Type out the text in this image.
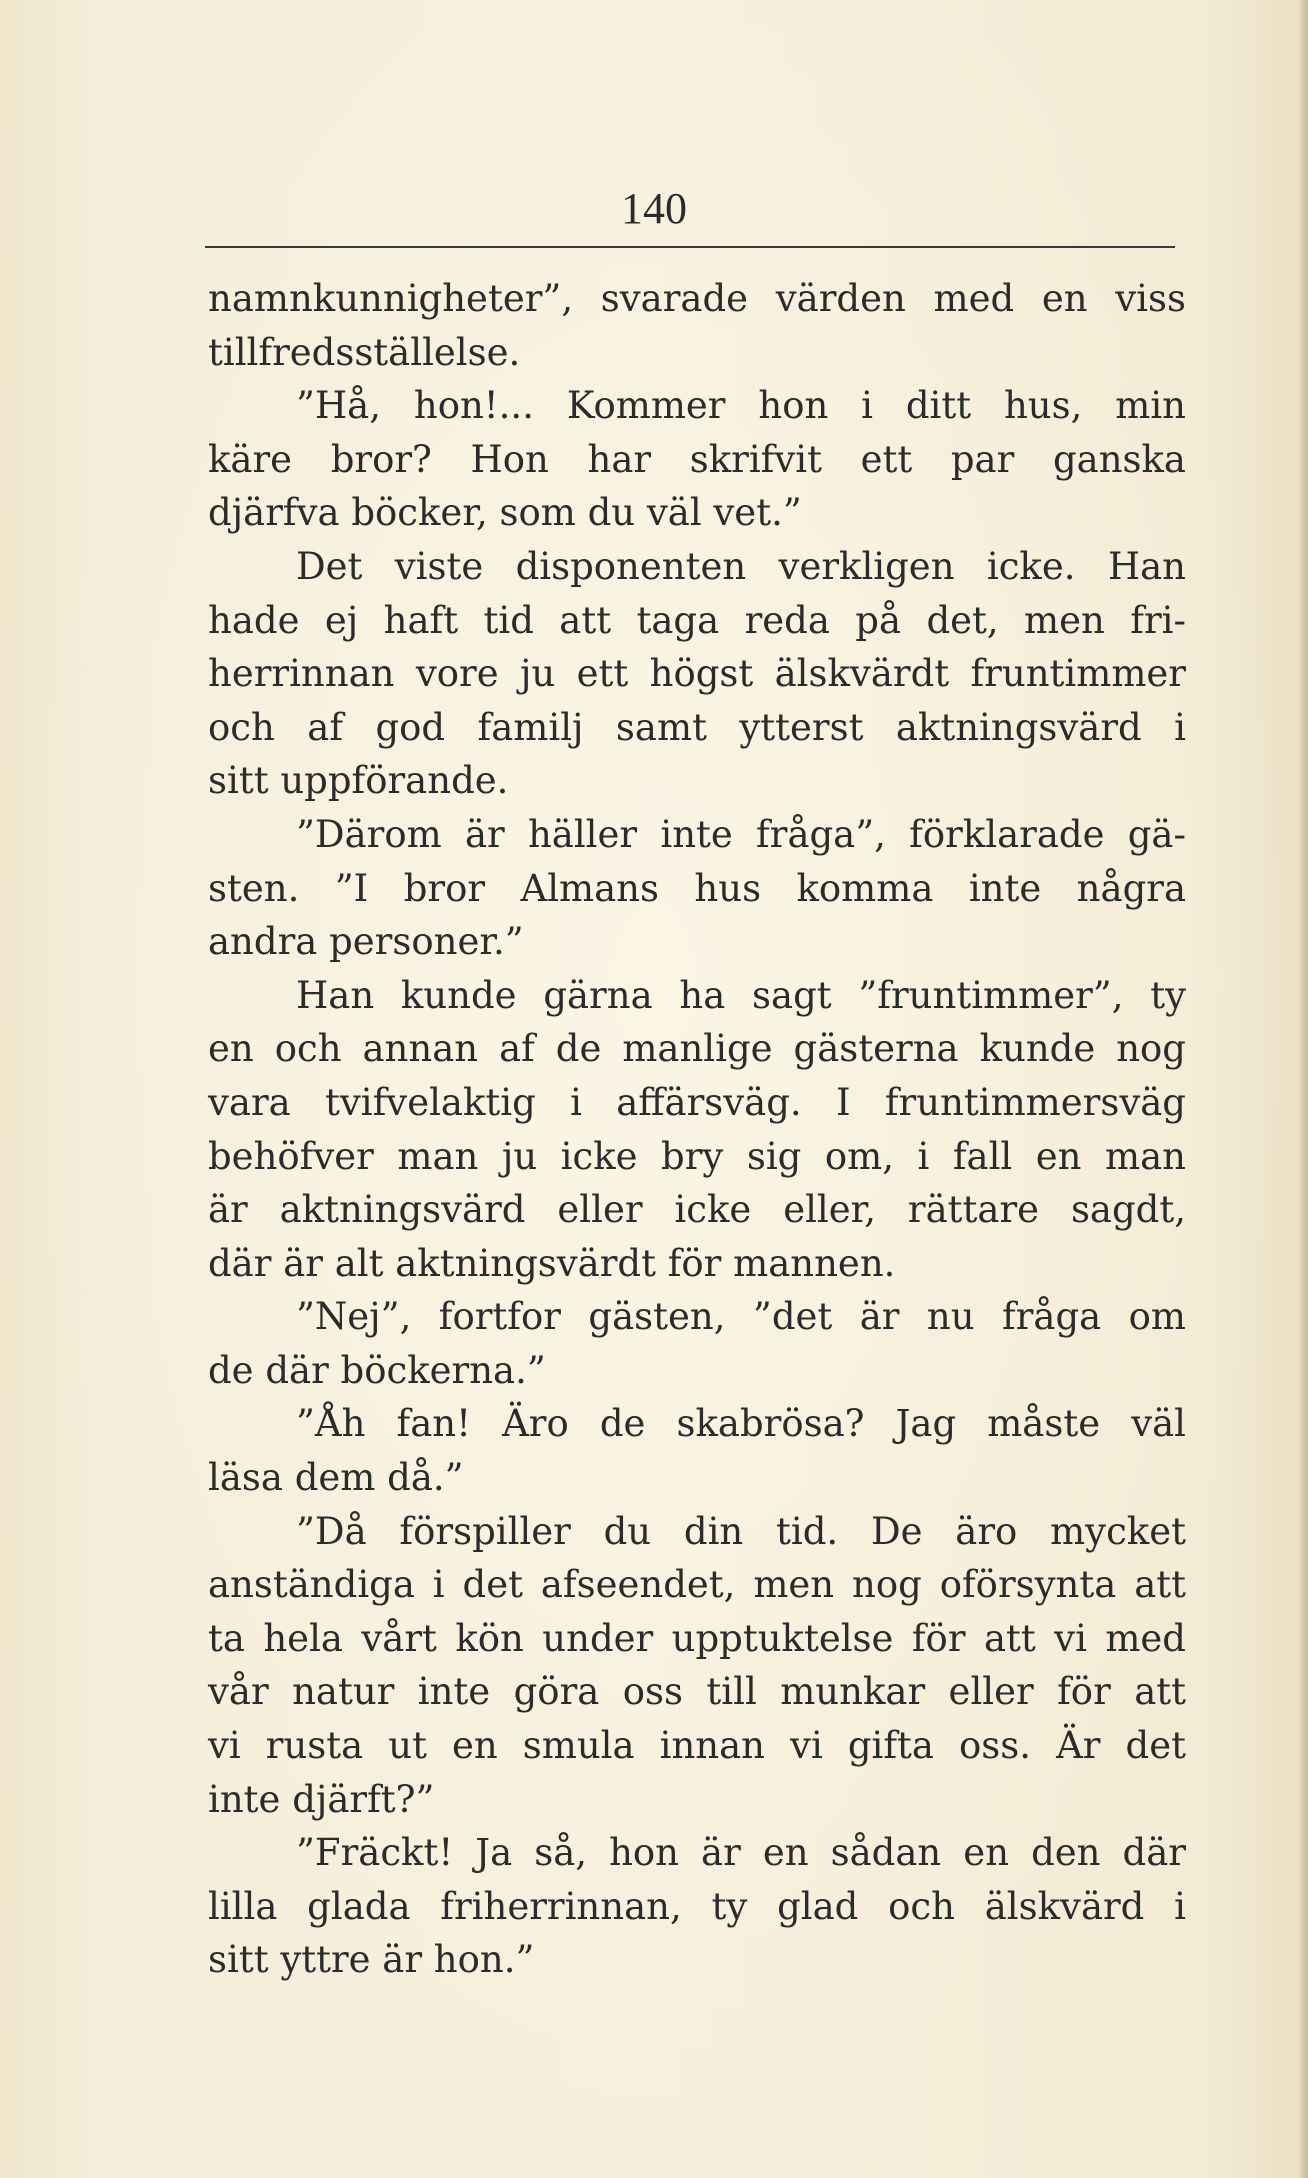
140
namnkunnigheter”, svarade värden med en viss
tillfredsställelse.
”Hå, hon!... Kommer hon i ditt hus, min
käre bror? Hon har skrifvit ett par ganska
djärfva böcker, som du väl vet.”
Det viste disponenten verkligen icke. Han
hade ej haft tid att taga reda på det, men fri-
herrinnan vore ju ett högst älskvärdt fruntimmer
och af god familj samt ytterst aktningsvärd i
sitt uppförande.
”Därom är häller inte fråga”, förklarade gä-
sten. ”I bror Almans hus komma inte några
andra personer.”
Han kunde gärna ha sagt ”fruntimmer”, ty
en och annan af de manlige gästerna kunde nog
vara tvifvelaktig i affärsväg. I fruntimmersväg
behöfver man ju icke bry sig om, i fall en man
är aktningsvärd eller icke eller, rättare sagdt,
där är alt aktningsvärdt för mannen.
”Nej”, fortfor gästen, ”det är nu fråga om
de där böckerna.”
”Åh fan! Äro de skabrösa? Jag måste väl
läsa dem då.”
”Då förspiller du din tid. De äro mycket
anständiga i det afseendet, men nog oförsynta att
ta hela vårt kön under upptuktelse för att vi med
vår natur inte göra oss till munkar eller för att
vi rusta ut en smula innan vi gifta oss. Är det
inte djärft?”
”Fräckt! Ja så, hon är en sådan en den där
lilla glada friherrinnan, ty glad och älskvärd i
sitt yttre är hon.”
